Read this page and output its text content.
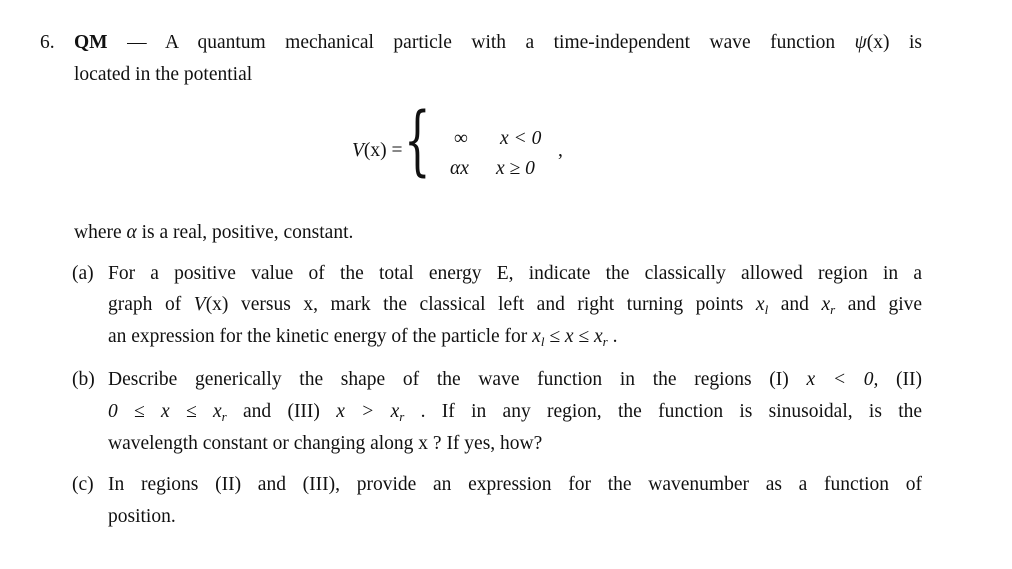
6. QM — A quantum mechanical particle with a time-independent wave function ψ(x) is
located in the potential
V(x) = { ∞ x < 0
αx x ≥ 0
,
where α is a real, positive, constant.
(a) For a positive value of the total energy E, indicate the classically allowed region in a
graph of V(x) versus x, mark the classical left and right turning points $x_l$ and $x_r$ and give
an expression for the kinetic energy of the particle for $x_l \le x \le x_r$ .
(b) Describe generically the shape of the wave function in the regions (I) x < 0, (II)
$0 \le x \le x_r$ and (III) $x > x_r$ . If in any region, the function is sinusoidal, is the
wavelength constant or changing along x ? If yes, how?
(c) In regions (II) and (III), provide an expression for the wavenumber as a function of
position.
